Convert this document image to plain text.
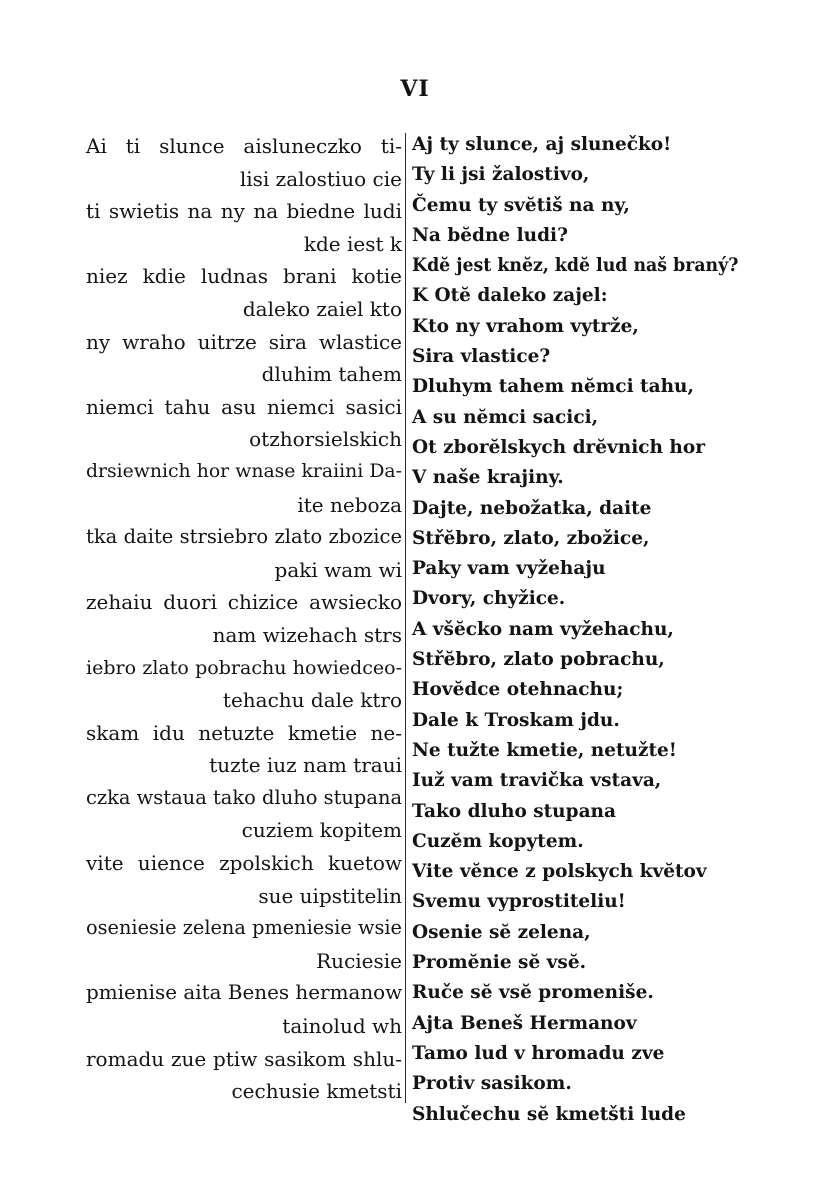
VI
Ai ti slunce aisluneczko ti-
lisi zalostiuo cie
ti swietis na ny na biedne ludi
kde iest k
niez kdie ludnas brani kotie
daleko zaiel kto
ny wraho uitrze sira wlastice
dluhim tahem
niemci tahu asu niemci sasici
otzhorsielskich
drsiewnich hor wnase kraiini Da-
ite neboza
tka daite strsiebro zlato zbozice
paki wam wi
zehaiu duori chizice awsiecko
nam wizehach strs
iebro zlato pobrachu howiedceo-
tehachu dale ktro
skam idu netuzte kmetie ne-
tuzte iuz nam traui
czka wstaua tako dluho stupana
cuziem kopitem
vite uience zpolskich kuetow
sue uipstitelin
oseniesie zelena pmeniesie wsie
Ruciesie
pmienise aita Benes hermanow
tainolud wh
romadu zue ptiw sasikom shlu-
cechusie kmetsti
Aj ty slunce, aj slunečko!
Ty li jsi žalostivo,
Čemu ty svĕtiš na ny,
Na bĕdne ludi?
Kdĕ jest knĕz, kdĕ lud naš braný?
K Otĕ daleko zajel:
Kto ny vrahom vytrže,
Sira vlastice?
Dluhym tahem nĕmci tahu,
A su nĕmci sacici,
Ot zborĕlskych drĕvnich hor
V naše krajiny.
Dajte, nebožatka, daite
Střĕbro, zlato, zbožice,
Paky vam vyžehaju
Dvory, chyžice.
A všĕcko nam vyžehachu,
Střĕbro, zlato pobrachu,
Hovĕdce otehnachu;
Dale k Troskam jdu.
Ne tužte kmetie, netužte!
Iuž vam travička vstava,
Tako dluho stupana
Cuzĕm kopytem.
Vite vĕnce z polskych kvĕtov
Svemu vyprostiteliu!
Osenie sĕ zelena,
Promĕnie sĕ vsĕ.
Ruče sĕ vsĕ promeniše.
Ajta Beneš Hermanov
Tamo lud v hromadu zve
Protiv sasikom.
Shlučechu sĕ kmetšti lude
